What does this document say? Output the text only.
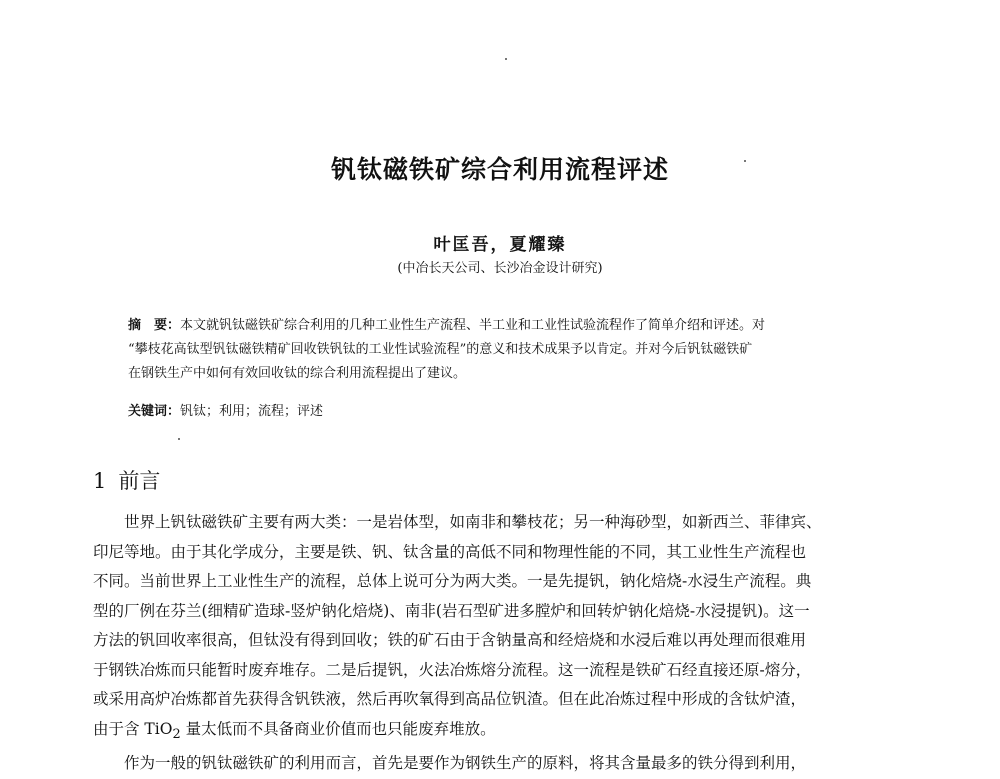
钒钛磁铁矿综合利用流程评述
叶匡吾，夏耀臻
(中冶长天公司、长沙冶金设计研究)
摘　要：本文就钒钛磁铁矿综合利用的几种工业性生产流程、半工业和工业性试验流程作了简单介绍和评述。对
“攀枝花高钛型钒钛磁铁精矿回收铁钒钛的工业性试验流程”的意义和技术成果予以肯定。并对今后钒钛磁铁矿
在钢铁生产中如何有效回收钛的综合利用流程提出了建议。
关键词：钒钛；利用；流程；评述
1 前言
世界上钒钛磁铁矿主要有两大类：一是岩体型，如南非和攀枝花；另一种海砂型，如新西兰、菲律宾、
印尼等地。由于其化学成分，主要是铁、钒、钛含量的高低不同和物理性能的不同，其工业性生产流程也
不同。当前世界上工业性生产的流程，总体上说可分为两大类。一是先提钒，钠化焙烧-水浸生产流程。典
型的厂例在芬兰(细精矿造球-竖炉钠化焙烧)、南非(岩石型矿进多膛炉和回转炉钠化焙烧-水浸提钒)。这一
方法的钒回收率很高，但钛没有得到回收；铁的矿石由于含钠量高和经焙烧和水浸后难以再处理而很难用
于钢铁冶炼而只能暂时废弃堆存。二是后提钒，火法冶炼熔分流程。这一流程是铁矿石经直接还原-熔分，
或采用高炉冶炼都首先获得含钒铁液，然后再吹氧得到高品位钒渣。但在此冶炼过程中形成的含钛炉渣，
由于含 TiO$_2$ 量太低而不具备商业价值而也只能废弃堆放。
作为一般的钒钛磁铁矿的利用而言，首先是要作为钢铁生产的原料，将其含量最多的铁分得到利用，
